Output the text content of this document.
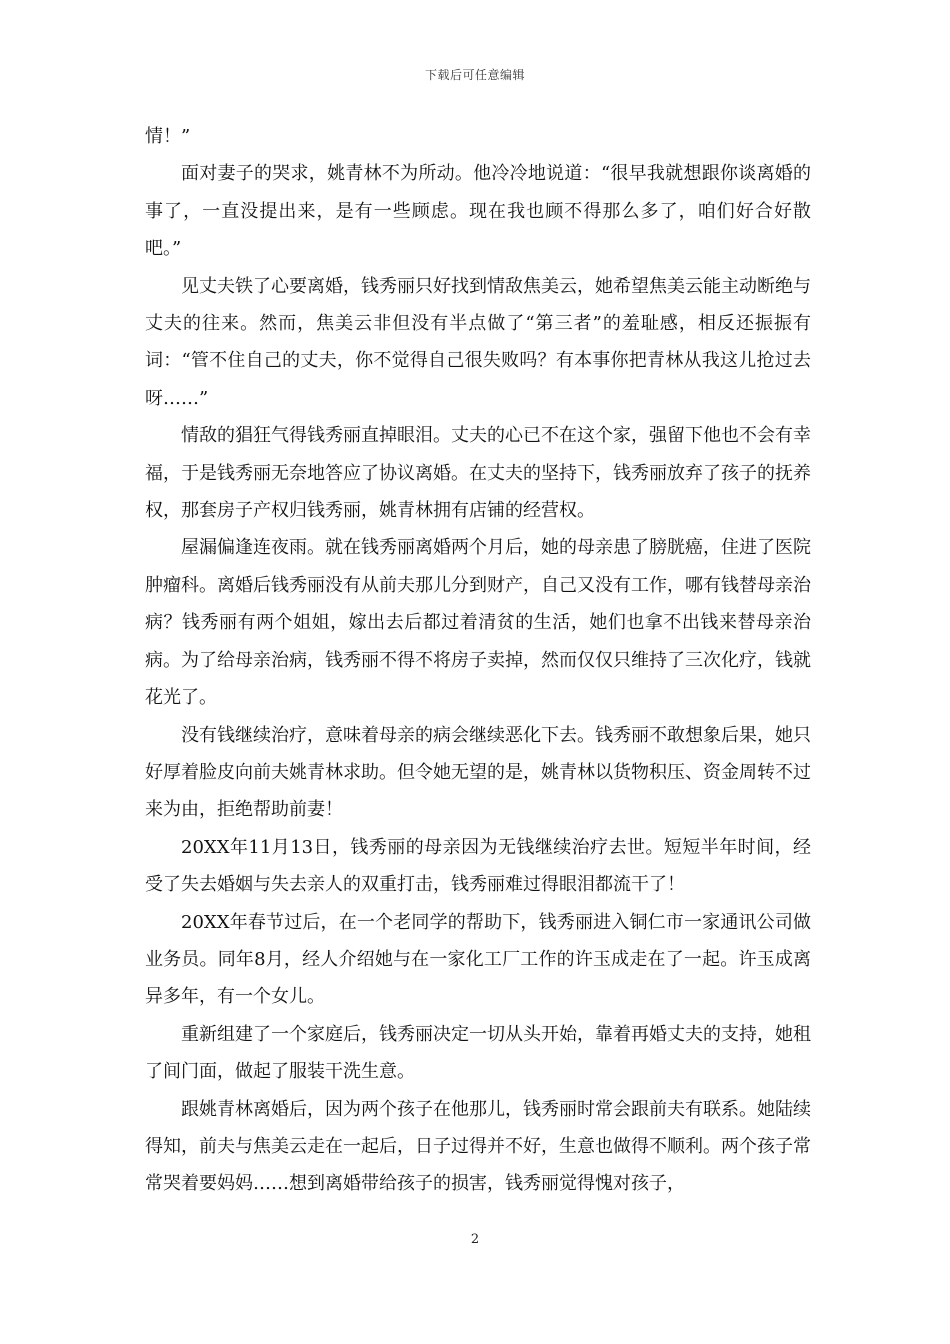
下载后可任意编辑

情！”

面对妻子的哭求，姚青林不为所动。他冷冷地说道：“很早我就想跟你谈离婚的事了，一直没提出来，是有一些顾虑。现在我也顾不得那么多了，咱们好合好散吧。”

见丈夫铁了心要离婚，钱秀丽只好找到情敌焦美云，她希望焦美云能主动断绝与丈夫的往来。然而，焦美云非但没有半点做了“第三者”的羞耻感，相反还振振有词：“管不住自己的丈夫，你不觉得自己很失败吗？有本事你把青林从我这儿抢过去呀……”

情敌的猖狂气得钱秀丽直掉眼泪。丈夫的心已不在这个家，强留下他也不会有幸福，于是钱秀丽无奈地答应了协议离婚。在丈夫的坚持下，钱秀丽放弃了孩子的抚养权，那套房子产权归钱秀丽，姚青林拥有店铺的经营权。

屋漏偏逢连夜雨。就在钱秀丽离婚两个月后，她的母亲患了膀胱癌，住进了医院肿瘤科。离婚后钱秀丽没有从前夫那儿分到财产，自己又没有工作，哪有钱替母亲治病？钱秀丽有两个姐姐，嫁出去后都过着清贫的生活，她们也拿不出钱来替母亲治病。为了给母亲治病，钱秀丽不得不将房子卖掉，然而仅仅只维持了三次化疗，钱就花光了。

没有钱继续治疗，意味着母亲的病会继续恶化下去。钱秀丽不敢想象后果，她只好厚着脸皮向前夫姚青林求助。但令她无望的是，姚青林以货物积压、资金周转不过来为由，拒绝帮助前妻！

20XX年11月13日，钱秀丽的母亲因为无钱继续治疗去世。短短半年时间，经受了失去婚姻与失去亲人的双重打击，钱秀丽难过得眼泪都流干了！

20XX年春节过后，在一个老同学的帮助下，钱秀丽进入铜仁市一家通讯公司做业务员。同年8月，经人介绍她与在一家化工厂工作的许玉成走在了一起。许玉成离异多年，有一个女儿。

重新组建了一个家庭后，钱秀丽决定一切从头开始，靠着再婚丈夫的支持，她租了间门面，做起了服装干洗生意。

跟姚青林离婚后，因为两个孩子在他那儿，钱秀丽时常会跟前夫有联系。她陆续得知，前夫与焦美云走在一起后，日子过得并不好，生意也做得不顺利。两个孩子常常哭着要妈妈……想到离婚带给孩子的损害，钱秀丽觉得愧对孩子，

2
